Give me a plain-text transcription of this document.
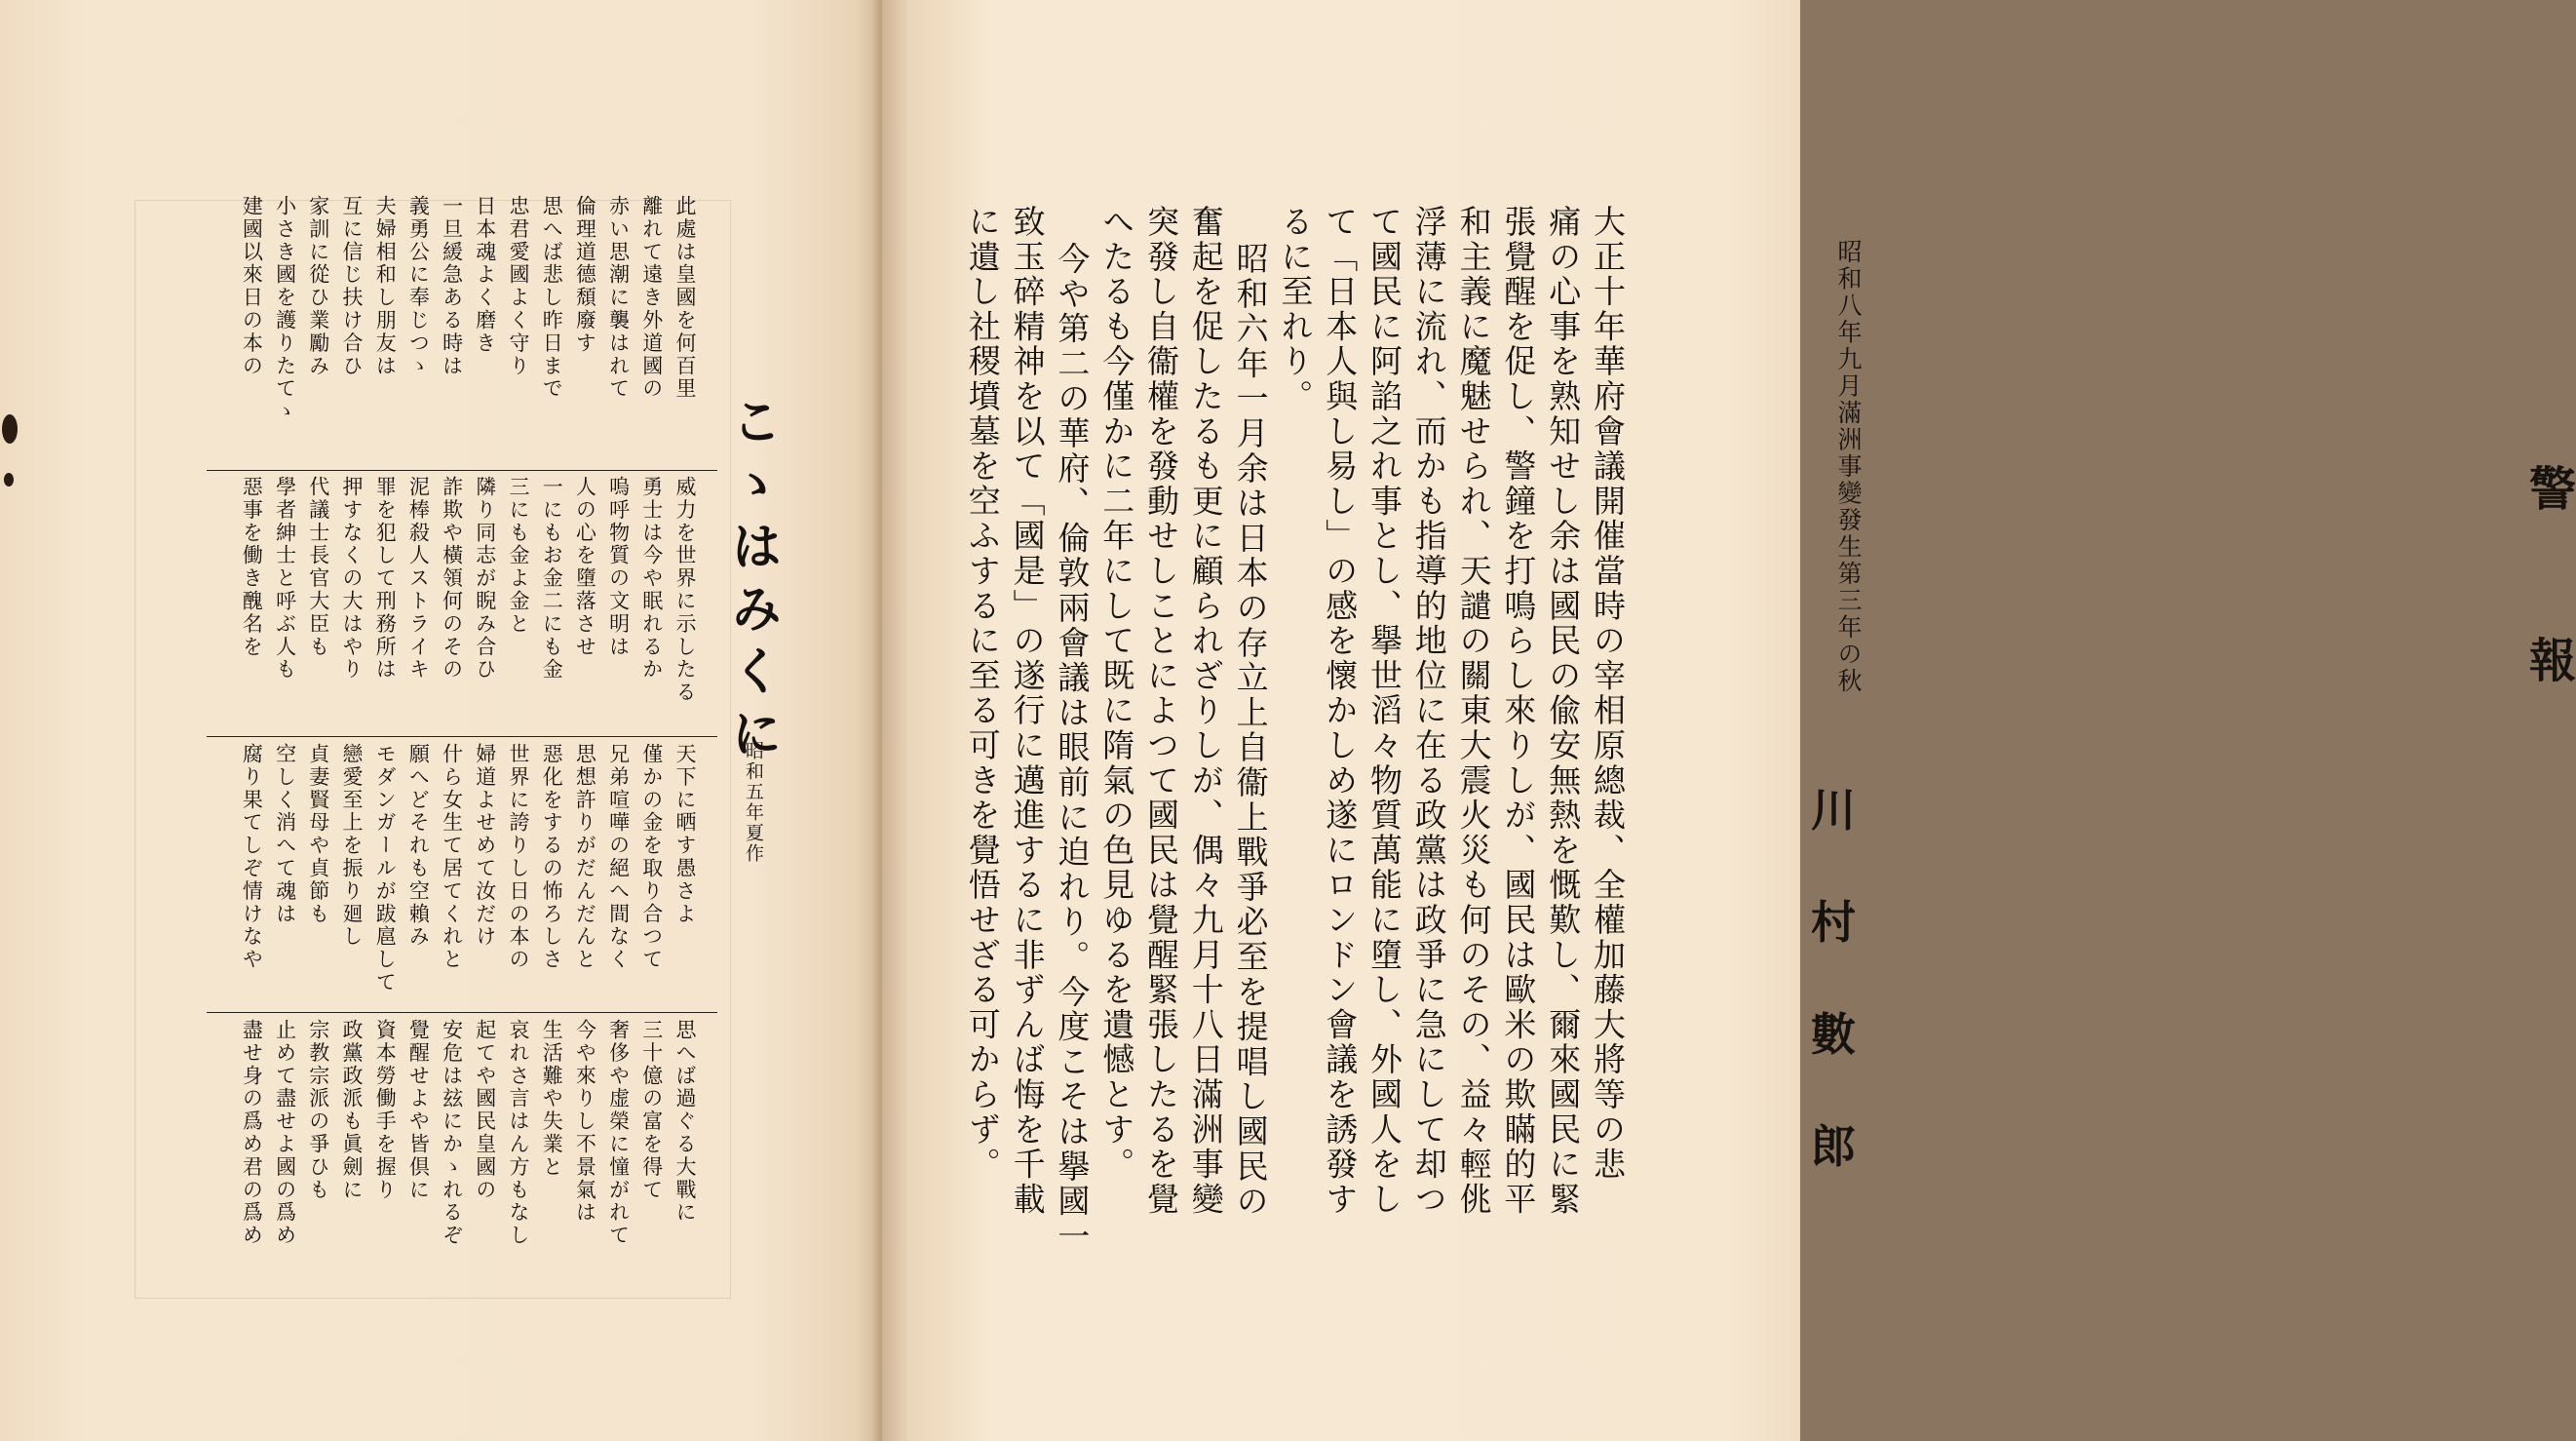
こゝはみくに
昭和五年夏作
此處は皇國を何百里
離れて遠き外道國の
赤い思潮に襲はれて
倫理道德頹廢す
思へば悲し昨日まで
忠君愛國よく守り
日本魂よく磨き
一旦緩急ある時は
義勇公に奉じつゝ
夫婦相和し朋友は
互に信じ扶け合ひ
家訓に從ひ業勵み
小さき國を護りたてゝ
建國以來日の本の
威力を世界に示したる
勇士は今や眠れるか
嗚呼物質の文明は
人の心を墮落させ
一にもお金二にも金
三にも金よ金と
隣り同志が睨み合ひ
詐欺や橫領何のその
泥棒殺人ストライキ
罪を犯して刑務所は
押すなくの大はやり
代議士長官大臣も
學者紳士と呼ぶ人も
惡事を働き醜名を
天下に晒す愚さよ
僅かの金を取り合つて
兄弟喧嘩の絕へ間なく
思想許りがだんだんと
惡化をするの怖ろしさ
世界に誇りし日の本の
婦道よせめて汝だけ
什ら女生て居てくれと
願へどそれも空賴み
モダンガールが跋扈して
戀愛至上を振り廻し
貞妻賢母や貞節も
空しく消へて魂は
腐り果てしぞ情けなや
思へば過ぐる大戰に
三十億の富を得て
奢侈や虚榮に憧がれて
今や來りし不景氣は
生活難や失業と
哀れさ言はん方もなし
起てや國民皇國の
安危は玆にかゝれるぞ
覺醒せよや皆倶に
資本勞働手を握り
政黨政派も眞劍に
宗教宗派の爭ひも
止めて盡せよ國の爲め
盡せ身の爲め君の爲め
警
報
大正十年華府會議開催當時の宰相原總裁、全權加藤大將等の悲
痛の心事を熟知せし余は國民の偸安無熱を慨歎し、爾來國民に緊
張覺醒を促し、警鐘を打鳴らし來りしが、國民は歐米の欺瞞的平
和主義に魔魅せられ、天譴の關東大震火災も何のその、益々輕佻
浮薄に流れ、而かも指導的地位に在る政黨は政爭に急にして却つ
て國民に阿諂之れ事とし、擧世滔々物質萬能に墮し、外國人をし
て「日本人與し易し」の感を懷かしめ遂にロンドン會議を誘發す
るに至れり。
昭和六年一月余は日本の存立上自衞上戰爭必至を提唱し國民の
奮起を促したるも更に顧られざりしが、偶々九月十八日滿洲事變
突發し自衞權を發動せしことによつて國民は覺醒緊張したるを覺
へたるも今僅かに二年にして既に隋氣の色見ゆるを遺憾とす。
今や第二の華府、倫敦兩會議は眼前に迫れり。今度こそは擧國一
致玉碎精神を以て「國是」の遂行に邁進するに非ずんば悔を千載
に遺し社稷墳墓を空ふするに至る可きを覺悟せざる可からず。	昭和八年九月滿洲事變發生第三年の秋
川
村
數
郎
